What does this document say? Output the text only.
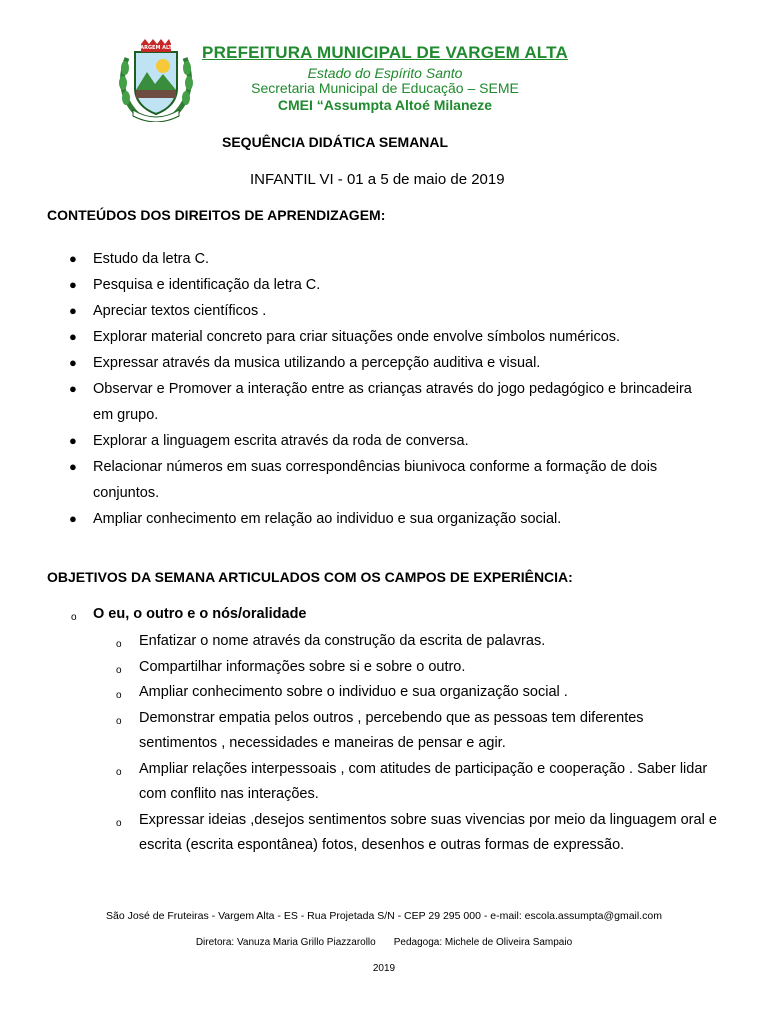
VARGEM ALTA PREFEITURA MUNICIPAL DE VARGEM ALTA
Estado do Espírito Santo
Secretaria Municipal de Educação – SEME
CMEI “Assumpta Altoé Milaneze
SEQUÊNCIA DIDÁTICA SEMANAL
INFANTIL VI - 01 a 5 de maio de 2019
CONTEÚDOS DOS DIREITOS DE APRENDIZAGEM:
● Estudo da letra C.
● Pesquisa e identificação da letra C.
● Apreciar textos científicos .
● Explorar material concreto para criar situações onde envolve símbolos numéricos.
● Expressar através da musica utilizando a percepção auditiva e visual.
● Observar e Promover a interação entre as crianças através do jogo pedagógico e brincadeira em grupo.
● Explorar a linguagem escrita através da roda de conversa.
● Relacionar números em suas correspondências biunivoca conforme a formação de dois conjuntos.
● Ampliar conhecimento em relação ao individuo e sua organização social.
OBJETIVOS DA SEMANA ARTICULADOS COM OS CAMPOS DE EXPERIÊNCIA:
o O eu, o outro e o nós/oralidade
o Enfatizar o nome através da construção da escrita de palavras.
o Compartilhar informações sobre si e sobre o outro.
o Ampliar conhecimento sobre o individuo e sua organização social .
o Demonstrar empatia pelos outros , percebendo que as pessoas tem diferentes sentimentos , necessidades e maneiras de pensar e agir.
o Ampliar relações interpessoais , com atitudes de participação e cooperação . Saber lidar com conflito nas interações.
o Expressar ideias ,desejos sentimentos sobre suas vivencias por meio da linguagem oral e escrita (escrita espontânea) fotos, desenhos e outras formas de expressão.
São José de Fruteiras - Vargem Alta - ES - Rua Projetada S/N - CEP 29 295 000 - e-mail: escola.assumpta@gmail.com
Diretora: Vanuza Maria Grillo Piazzarollo Pedagoga: Michele de Oliveira Sampaio
2019
